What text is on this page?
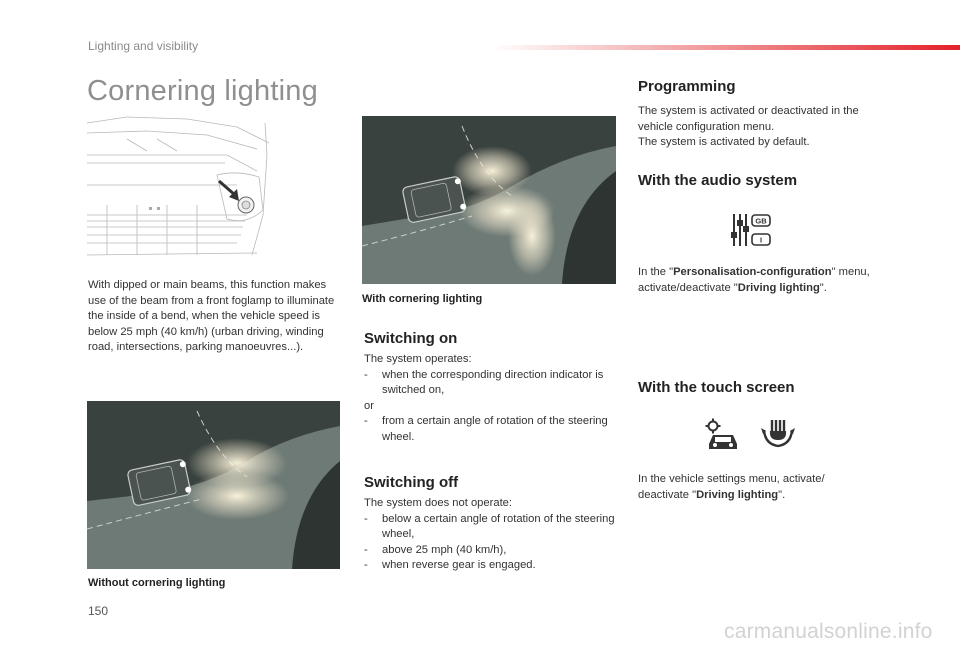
Lighting and visibility
Cornering lighting
With dipped or main beams, this function makes use of the beam from a front foglamp to illuminate the inside of a bend, when the vehicle speed is below 25 mph (40 km/h) (urban driving, winding road, intersections, parking manoeuvres...).
With cornering lighting
Without cornering lighting
Switching on
The system operates:
- when the corresponding direction indicator is switched on,
or
- from a certain angle of rotation of the steering wheel.
Switching off
The system does not operate:
- below a certain angle of rotation of the steering wheel,
- above 25 mph (40 km/h),
- when reverse gear is engaged.
Programming
The system is activated or deactivated in the vehicle configuration menu.
The system is activated by default.
With the audio system
GB
I
In the "Personalisation-configuration" menu, activate/deactivate "Driving lighting".
With the touch screen
In the vehicle settings menu, activate/ deactivate "Driving lighting".
150
carmanualsonline.info
